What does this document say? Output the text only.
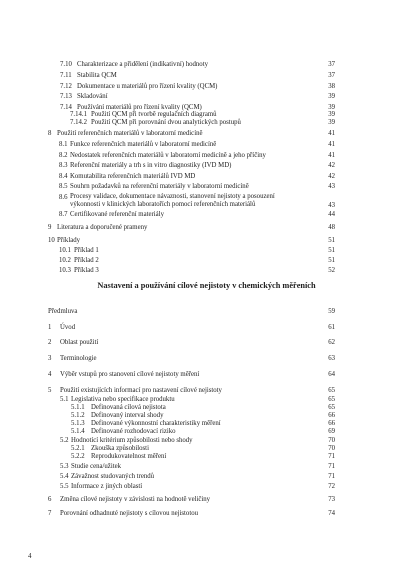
7.10 Charakterizace a přidělení (indikativní) hodnoty	37
7.11 Stabilita QCM	37
7.12 Dokumentace u materiálů pro řízení kvality (QCM)	38
7.13 Skladování	39
7.14 Používání materiálů pro řízení kvality (QCM)	39
7.14.1 Použití QCM při tvorbě regulačních diagramů	39
7.14.2 Použití QCM při porovnání dvou analytických postupů	39
8 Použití referenčních materiálů v laboratorní medicíně	41
8.1 Funkce referenčních materiálů v laboratorní medicíně	41
8.2 Nedostatek referenčních materiálů v laboratorní medicíně a jeho příčiny	41
8.3 Referenční materiály a trh s in vitro diagnostiky (IVD MD)	42
8.4 Komutabilita referenčních materiálů IVD MD	42
8.5 Souhrn požadavků na referenční materiály v laboratorní medicíně	43
8.6 Procesy validace, dokumentace návaznosti, stanovení nejistoty a posouzení výkonnosti v klinických laboratořích pomocí referenčních materiálů	43
8.7 Certifikované referenční materiály	44
9 Literatura a doporučené prameny	48
10 Příklady	51
10.1 Příklad 1	51
10.2 Příklad 2	51
10.3 Příklad 3	52
Nastavení a používání cílové nejistoty v chemických měřeních
Předmluva	59
1 Úvod	61
2 Oblast použití	62
3 Terminologie	63
4 Výběr vstupů pro stanovení cílové nejistoty měření	64
5 Použití existujících informací pro nastavení cílové nejistoty	65
5.1 Legislativa nebo specifikace produktu	65
5.1.1 Definovaná cílová nejistota	65
5.1.2 Definovaný interval shody	66
5.1.3 Definované výkonnostní charakteristiky měření	66
5.1.4 Definované rozhodovací riziko	69
5.2 Hodnotící kritérium způsobilosti nebo shody	70
5.2.1 Zkouška způsobilosti	70
5.2.2 Reprodukovatelnost měření	71
5.3 Studie cena/užitek	71
5.4 Závažnost studovaných trendů	71
5.5 Informace z jiných oblastí	72
6 Změna cílové nejistoty v závislosti na hodnotě veličiny	73
7 Porovnání odhadnuté nejistoty s cílovou nejistotou	74
4
